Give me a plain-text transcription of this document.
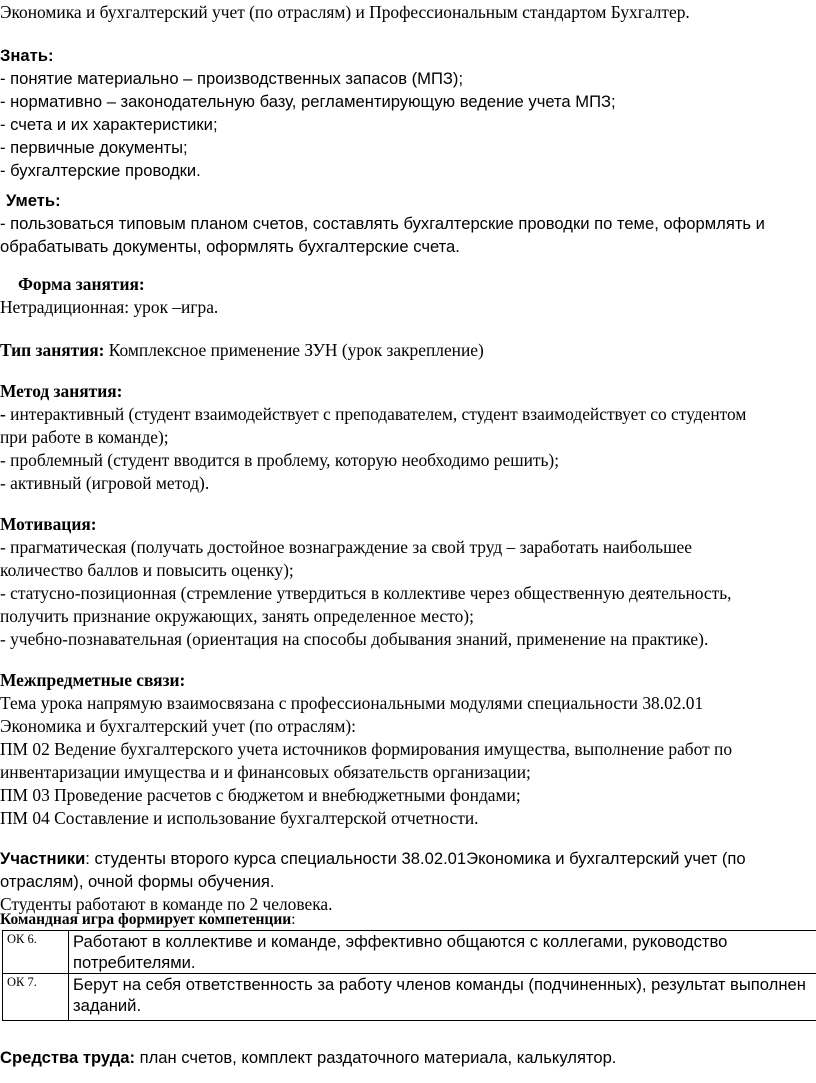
Экономика и бухгалтерский учет (по отраслям) и Профессиональным стандартом Бухгалтер.
Знать:
- понятие материально – производственных запасов (МПЗ);
- нормативно – законодательную базу, регламентирующую ведение учета МПЗ;
- счета и их характеристики;
- первичные документы;
- бухгалтерские проводки.
Уметь:
- пользоваться типовым планом счетов, составлять бухгалтерские проводки по теме, оформлять и
обрабатывать документы, оформлять бухгалтерские счета.
Форма занятия:
Нетрадиционная: урок –игра.
Тип занятия: Комплексное применение ЗУН (урок закрепление)
Метод занятия:
- интерактивный (студент взаимодействует с преподавателем, студент взаимодействует со студентом
при работе в команде);
- проблемный (студент вводится в проблему, которую необходимо решить);
- активный (игровой метод).
Мотивация:
- прагматическая (получать достойное вознаграждение за свой труд – заработать наибольшее
количество баллов и повысить оценку);
- статусно-позиционная (стремление утвердиться в коллективе через общественную деятельность,
получить признание окружающих, занять определенное место);
- учебно-познавательная (ориентация на способы добывания знаний, применение на практике).
Межпредметные связи:
Тема урока напрямую взаимосвязана с профессиональными модулями специальности 38.02.01
Экономика и бухгалтерский учет (по отраслям):
ПМ 02 Ведение бухгалтерского учета источников формирования имущества, выполнение работ по
инвентаризации имущества и и финансовых обязательств организации;
ПМ 03 Проведение расчетов с бюджетом и внебюджетными фондами;
ПМ 04 Составление и использование бухгалтерской отчетности.
Участники: студенты второго курса специальности 38.02.01Экономика и бухгалтерский учет (по
отраслям), очной формы обучения.
Студенты работают в команде по 2 человека.
Командная игра формирует компетенции:
ОК 6.	Работают в коллективе и команде, эффективно общаются с коллегами, руководство
потребителями.

ОК 7.	Берут на себя ответственность за работу членов команды (подчиненных), результат выполнен
заданий.
Средства труда: план счетов, комплект раздаточного материала, калькулятор.
